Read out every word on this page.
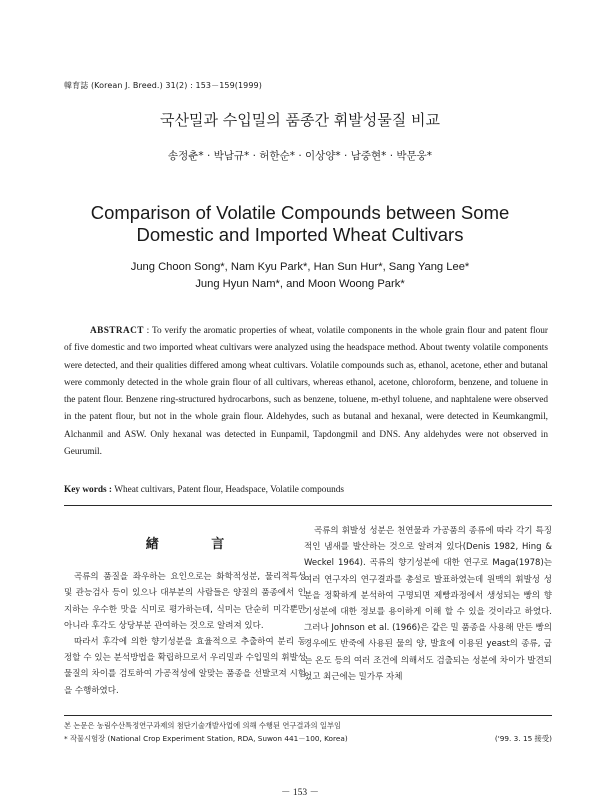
韓育誌 (Korean J. Breed.) 31(2) : 153－159(1999)
국산밀과 수입밀의 품종간 휘발성물질 비교
송정춘* · 박남규* · 허한순* · 이상양* · 남중현* · 박문웅*
Comparison of Volatile Compounds between Some
Domestic and Imported Wheat Cultivars
Jung Choon Song*, Nam Kyu Park*, Han Sun Hur*, Sang Yang Lee*
Jung Hyun Nam*, and Moon Woong Park*
ABSTRACT : To verify the aromatic properties of wheat, volatile components in the whole grain flour and patent flour of five domestic and two imported wheat cultivars were analyzed using the headspace method. About twenty volatile components were detected, and their qualities differed among wheat cultivars. Volatile compounds such as, ethanol, acetone, ether and butanal were commonly detected in the whole grain flour of all cultivars, whereas ethanol, acetone, chloroform, benzene, and toluene in the patent flour. Benzene ring-structured hydrocarbons, such as benzene, toluene, m-ethyl toluene, and naphtalene were observed in the patent flour, but not in the whole grain flour. Aldehydes, such as butanal and hexanal, were detected in Keumkangmil, Alchanmil and ASW. Only hexanal was detected in Eunpamil, Tapdongmil and DNS. Any aldehydes were not observed in Geurumil.
Key words : Wheat cultivars, Patent flour, Headspace, Volatile compounds
緖 言

곡류의 품질을 좌우하는 요인으로는 화학적성분, 물리적특성 및 관능검사 등이 있으나 대부분의 사람들은 양질의 품종에서 인지하는 우수한 맛을 식미로 평가하는데, 식미는 단순히 미각뿐만 아니라 후각도 상당부분 관여하는 것으로 알려져 있다.

따라서 후각에 의한 향기성분을 효율적으로 추출하여 분리 동정할 수 있는 분석방법을 확립하므로서 우리밀과 수입밀의 휘발성 물질의 차이를 검토하여 가공적성에 알맞는 품종을 선발코져 시험을 수행하였다.

곡류의 휘발성 성분은 천연물과 가공품의 종류에 따라 각기 특징적인 냄새를 발산하는 것으로 알려져 있다(Denis 1982, Hing & Weckel 1964). 곡류의 향기성분에 대한 연구로 Maga(1978)는 여러 연구자의 연구결과를 총설로 발표하였는데 원맥의 휘발성 성분을 정확하게 분석하여 구명되면 제빵과정에서 생성되는 빵의 향기성분에 대한 정보를 용이하게 이해 할 수 있을 것이라고 하였다. 그러나 Johnson et al. (1966)은 같은 밀 품종을 사용해 만든 빵의 경우에도 반죽에 사용된 물의 양, 발효에 이용된 yeast의 종류, 굽는 온도 등의 여러 조건에 의해서도 검출되는 성분에 차이가 발견되었고 최근에는 밀가루 자체

본 논문은 농림수산특정연구과제의 첨단기술개발사업에 의해 수행된 연구결과의 일부임
* 작물시험장 (National Crop Experiment Station, RDA, Suwon 441－100, Korea)	('99. 3. 15 接受)
－ 153 －
